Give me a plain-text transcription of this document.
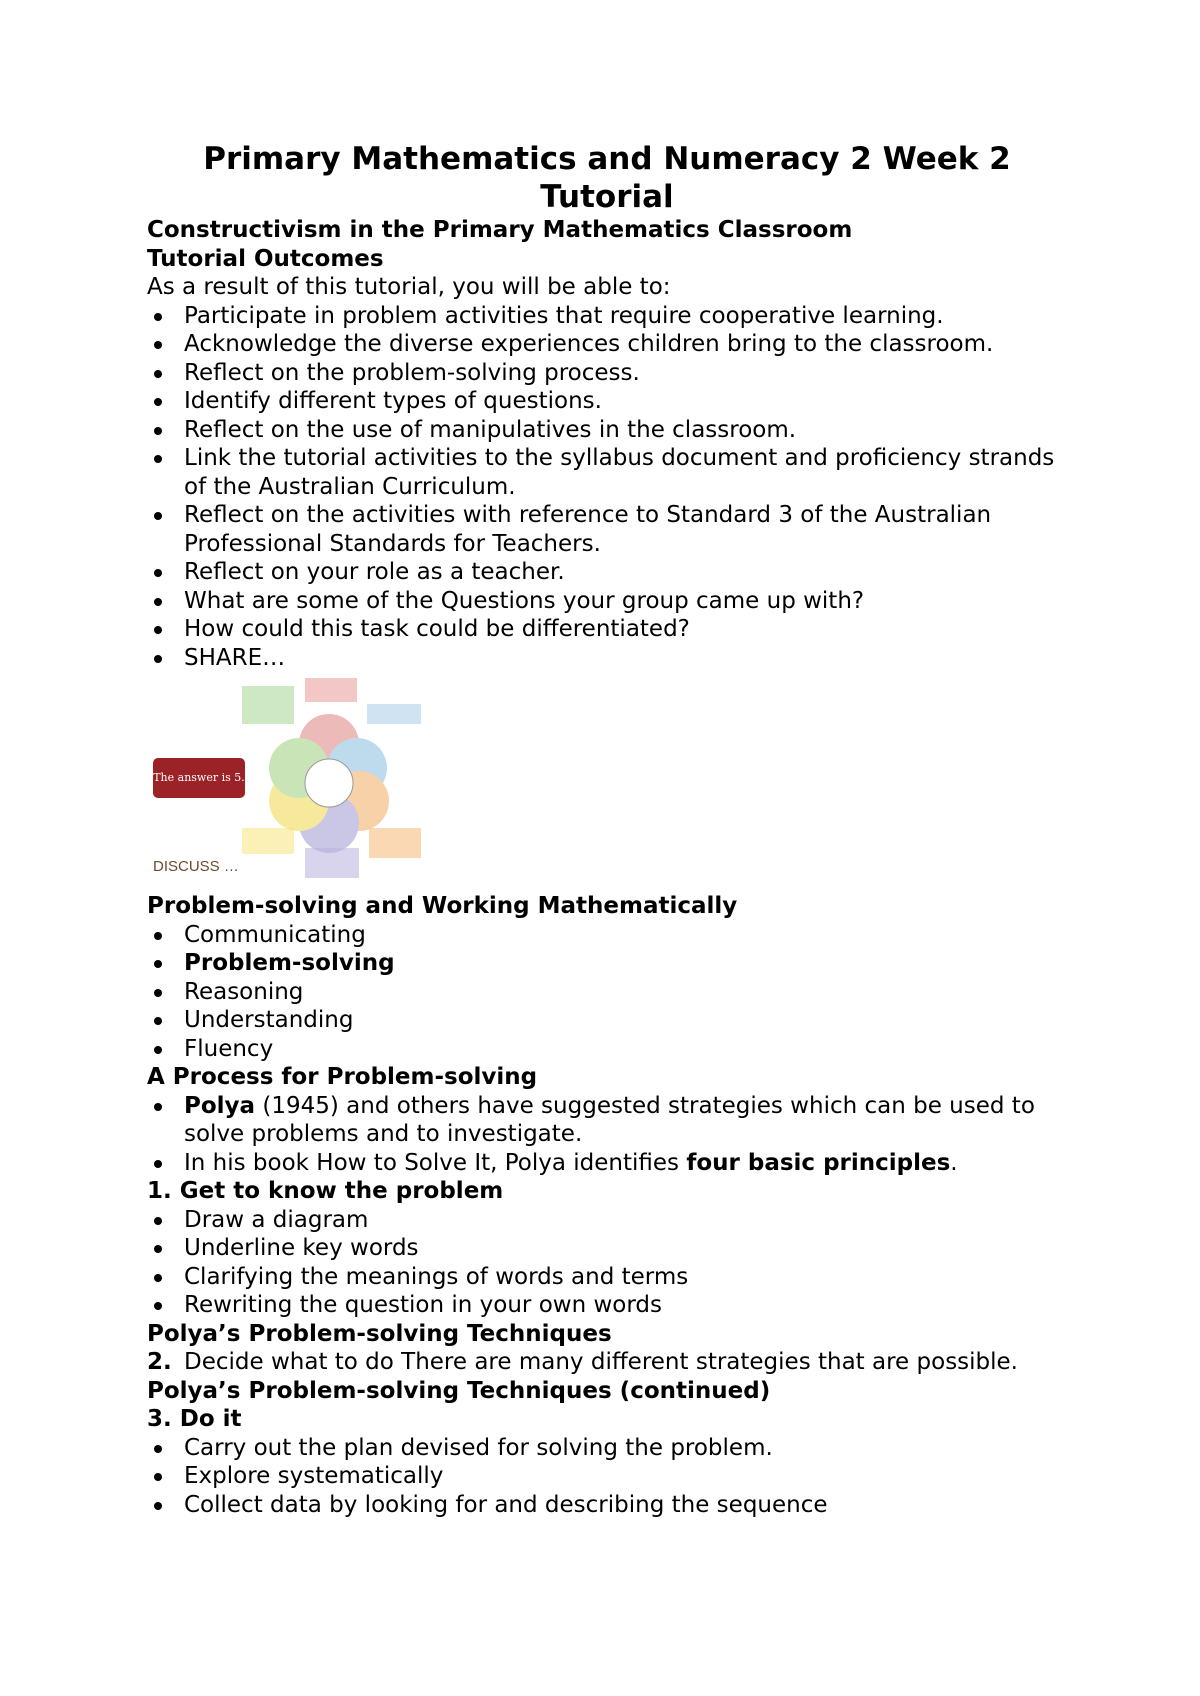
Primary Mathematics and Numeracy 2 Week 2 Tutorial

Constructivism in the Primary Mathematics Classroom

Tutorial Outcomes

As a result of this tutorial, you will be able to:

Participate in problem activities that require cooperative learning.
Acknowledge the diverse experiences children bring to the classroom.
Reflect on the problem-solving process.
Identify different types of questions.
Reflect on the use of manipulatives in the classroom.
Link the tutorial activities to the syllabus document and proficiency strands of the Australian Curriculum.
Reflect on the activities with reference to Standard 3 of the Australian Professional Standards for Teachers.
Reflect on your role as a teacher.
What are some of the Questions your group came up with?
How could this task could be differentiated?
SHARE…
The answer is 5.
DISCUSS …

Problem-solving and Working Mathematically

Communicating
Problem-solving
Reasoning
Understanding
Fluency

A Process for Problem-solving

Polya (1945) and others have suggested strategies which can be used to solve problems and to investigate.
In his book How to Solve It, Polya identifies four basic principles.

1. Get to know the problem

Draw a diagram
Underline key words
Clarifying the meanings of words and terms
Rewriting the question in your own words

Polya’s Problem-solving Techniques

2. Decide what to do There are many different strategies that are possible.

Polya’s Problem-solving Techniques (continued)

3. Do it

Carry out the plan devised for solving the problem.
Explore systematically
Collect data by looking for and describing the sequence
